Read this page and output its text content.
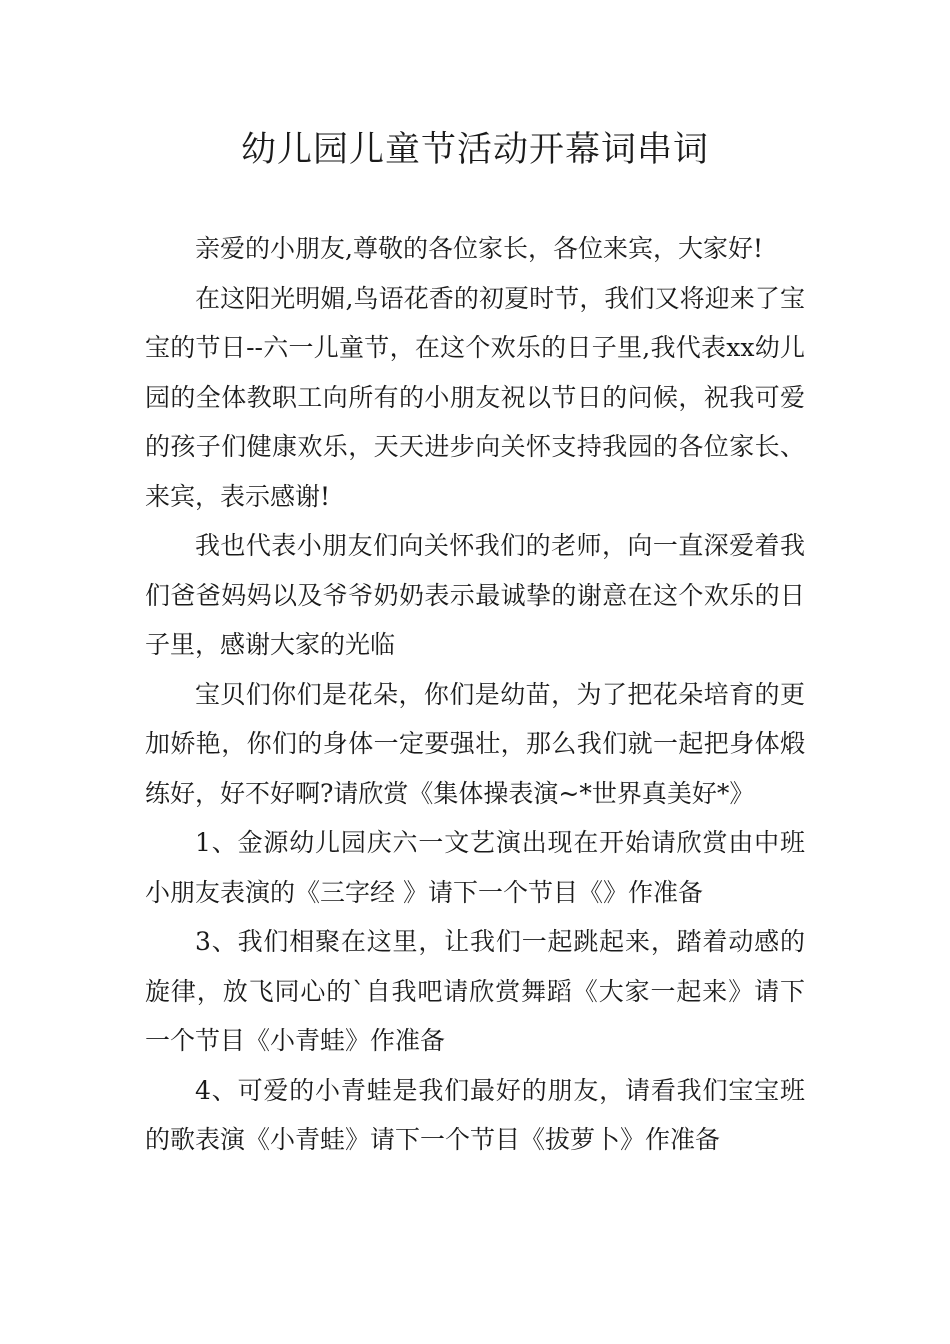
幼儿园儿童节活动开幕词串词

亲爱的小朋友,尊敬的各位家长，各位来宾，大家好!

在这阳光明媚,鸟语花香的初夏时节，我们又将迎来了宝宝的节日--六一儿童节，在这个欢乐的日子里,我代表xx幼儿园的全体教职工向所有的小朋友祝以节日的问候，祝我可爱的孩子们健康欢乐，天天进步向关怀支持我园的各位家长、来宾，表示感谢!

我也代表小朋友们向关怀我们的老师，向一直深爱着我们爸爸妈妈以及爷爷奶奶表示最诚挚的谢意在这个欢乐的日子里，感谢大家的光临

宝贝们你们是花朵，你们是幼苗，为了把花朵培育的更加娇艳，你们的身体一定要强壮，那么我们就一起把身体煅练好，好不好啊?请欣赏《集体操表演~*世界真美好*》

1、金源幼儿园庆六一文艺演出现在开始请欣赏由中班小朋友表演的《三字经 》请下一个节目《》作准备

3、我们相聚在这里，让我们一起跳起来，踏着动感的旋律，放飞同心的`自我吧请欣赏舞蹈《大家一起来》请下一个节目《小青蛙》作准备

4、可爱的小青蛙是我们最好的朋友，请看我们宝宝班的歌表演《小青蛙》请下一个节目《拔萝卜》作准备
